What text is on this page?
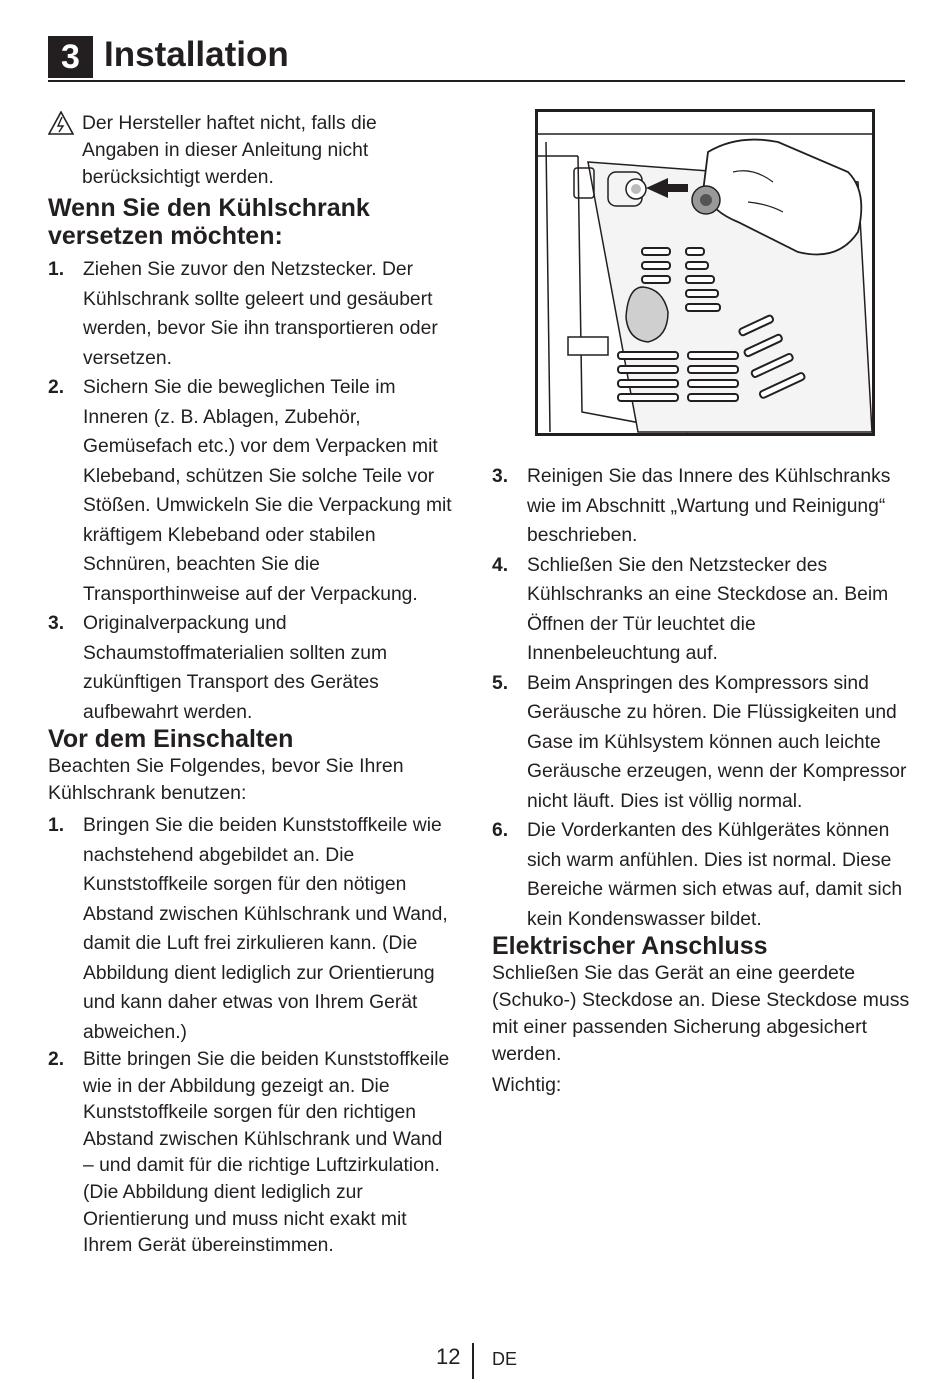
3 Installation
Der Hersteller haftet nicht, falls die Angaben in dieser Anleitung nicht berücksichtigt werden.
Wenn Sie den Kühlschrank versetzen möchten:
1. Ziehen Sie zuvor den Netzstecker. Der Kühlschrank sollte geleert und gesäubert werden, bevor Sie ihn transportieren oder versetzen.
2. Sichern Sie die beweglichen Teile im Inneren (z. B. Ablagen, Zubehör, Gemüsefach etc.) vor dem Verpacken mit Klebeband, schützen Sie solche Teile vor Stößen. Umwickeln Sie die Verpackung mit kräftigem Klebeband oder stabilen Schnüren, beachten Sie die Transporthinweise auf der Verpackung.
3. Originalverpackung und Schaumstoffmaterialien sollten zum zukünftigen Transport des Gerätes aufbewahrt werden.
Vor dem Einschalten

Beachten Sie Folgendes, bevor Sie Ihren Kühlschrank benutzen:

1. Bringen Sie die beiden Kunststoffkeile wie nachstehend abgebildet an. Die Kunststoffkeile sorgen für den nötigen Abstand zwischen Kühlschrank und Wand, damit die Luft frei zirkulieren kann. (Die Abbildung dient lediglich zur Orientierung und kann daher etwas von Ihrem Gerät abweichen.)
2. Bitte bringen Sie die beiden Kunststoffkeile wie in der Abbildung gezeigt an. Die Kunststoffkeile sorgen für den richtigen Abstand zwischen Kühlschrank und Wand – und damit für die richtige Luftzirkulation. (Die Abbildung dient lediglich zur Orientierung und muss nicht exakt mit Ihrem Gerät übereinstimmen.
3. Reinigen Sie das Innere des Kühlschranks wie im Abschnitt „Wartung und Reinigung“ beschrieben.
4. Schließen Sie den Netzstecker des Kühlschranks an eine Steckdose an. Beim Öffnen der Tür leuchtet die Innenbeleuchtung auf.
5. Beim Anspringen des Kompressors sind Geräusche zu hören. Die Flüssigkeiten und Gase im Kühlsystem können auch leichte Geräusche erzeugen, wenn der Kompressor nicht läuft. Dies ist völlig normal.
6. Die Vorderkanten des Kühlgerätes können sich warm anfühlen. Dies ist normal. Diese Bereiche wärmen sich etwas auf, damit sich kein Kondenswasser bildet.
Elektrischer Anschluss

Schließen Sie das Gerät an eine geerdete (Schuko-) Steckdose an. Diese Steckdose muss mit einer passenden Sicherung abgesichert werden.

Wichtig:

12 DE
